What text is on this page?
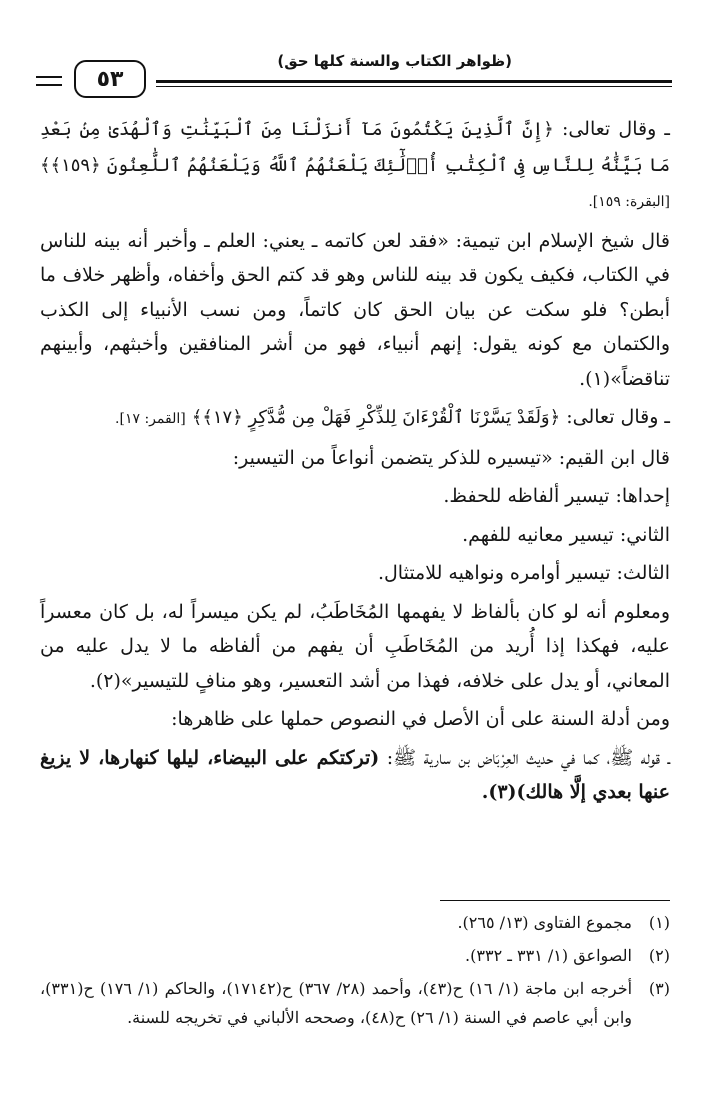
٥٣
(ظواهر الكتاب والسنة كلها حق)

ـ وقال تعالى: ﴿إِنَّ ٱلَّذِينَ يَكْتُمُونَ مَآ أَنزَلْنَا مِنَ ٱلْبَيِّنَٰتِ وَٱلْهُدَىٰ مِنۢ بَعْدِ مَا بَيَّنَّٰهُ لِلنَّاسِ فِى ٱلْكِتَٰبِ أُو۟لَٰٓئِكَ يَلْعَنُهُمُ ٱللَّهُ وَيَلْعَنُهُمُ ٱللَّٰعِنُونَ ﴿١٥٩﴾﴾ [البقرة: ١٥٩].

قال شيخ الإسلام ابن تيمية: «فقد لعن كاتمه ـ يعني: العلم ـ وأخبر أنه بينه للناس في الكتاب، فكيف يكون قد بينه للناس وهو قد كتم الحق وأخفاه، وأظهر خلاف ما أبطن؟ فلو سكت عن بيان الحق كان كاتماً، ومن نسب الأنبياء إلى الكذب والكتمان مع كونه يقول: إنهم أنبياء، فهو من أشر المنافقين وأخبثهم، وأبينهم تناقضاً»(١).

ـ وقال تعالى: ﴿وَلَقَدْ يَسَّرْنَا ٱلْقُرْءَانَ لِلذِّكْرِ فَهَلْ مِن مُّدَّكِرٍ ﴿١٧﴾﴾ [القمر: ١٧].

قال ابن القيم: «تيسيره للذكر يتضمن أنواعاً من التيسير:

إحداها: تيسير ألفاظه للحفظ.

الثاني: تيسير معانيه للفهم.

الثالث: تيسير أوامره ونواهيه للامتثال.

ومعلوم أنه لو كان بألفاظ لا يفهمها المُخَاطَبُ، لم يكن ميسراً له، بل كان معسراً عليه، فهكذا إذا أُريد من المُخَاطَبِ أن يفهم من ألفاظه ما لا يدل عليه من المعاني، أو يدل على خلافه، فهذا من أشد التعسير، وهو منافٍ للتيسير»(٢).

ومن أدلة السنة على أن الأصل في النصوص حملها على ظاهرها:

ـ قوله ﷺ، كما في حديث العِرْبَاض بن سارية ﷺ: (تركتكم على البيضاء، ليلها كنهارها، لا يزيغ عنها بعدي إلَّا هالك)(٣).

(١)
مجموع الفتاوى (١٣/ ٢٦٥).
(٢)
الصواعق (١/ ٣٣١ ـ ٣٣٢).
(٣)
أخرجه ابن ماجة (١/ ١٦) ح(٤٣)، وأحمد (٢٨/ ٣٦٧) ح(١٧١٤٢)، والحاكم (١/ ١٧٦) ح(٣٣١)، وابن أبي عاصم في السنة (١/ ٢٦) ح(٤٨)، وصححه الألباني في تخريجه للسنة.
